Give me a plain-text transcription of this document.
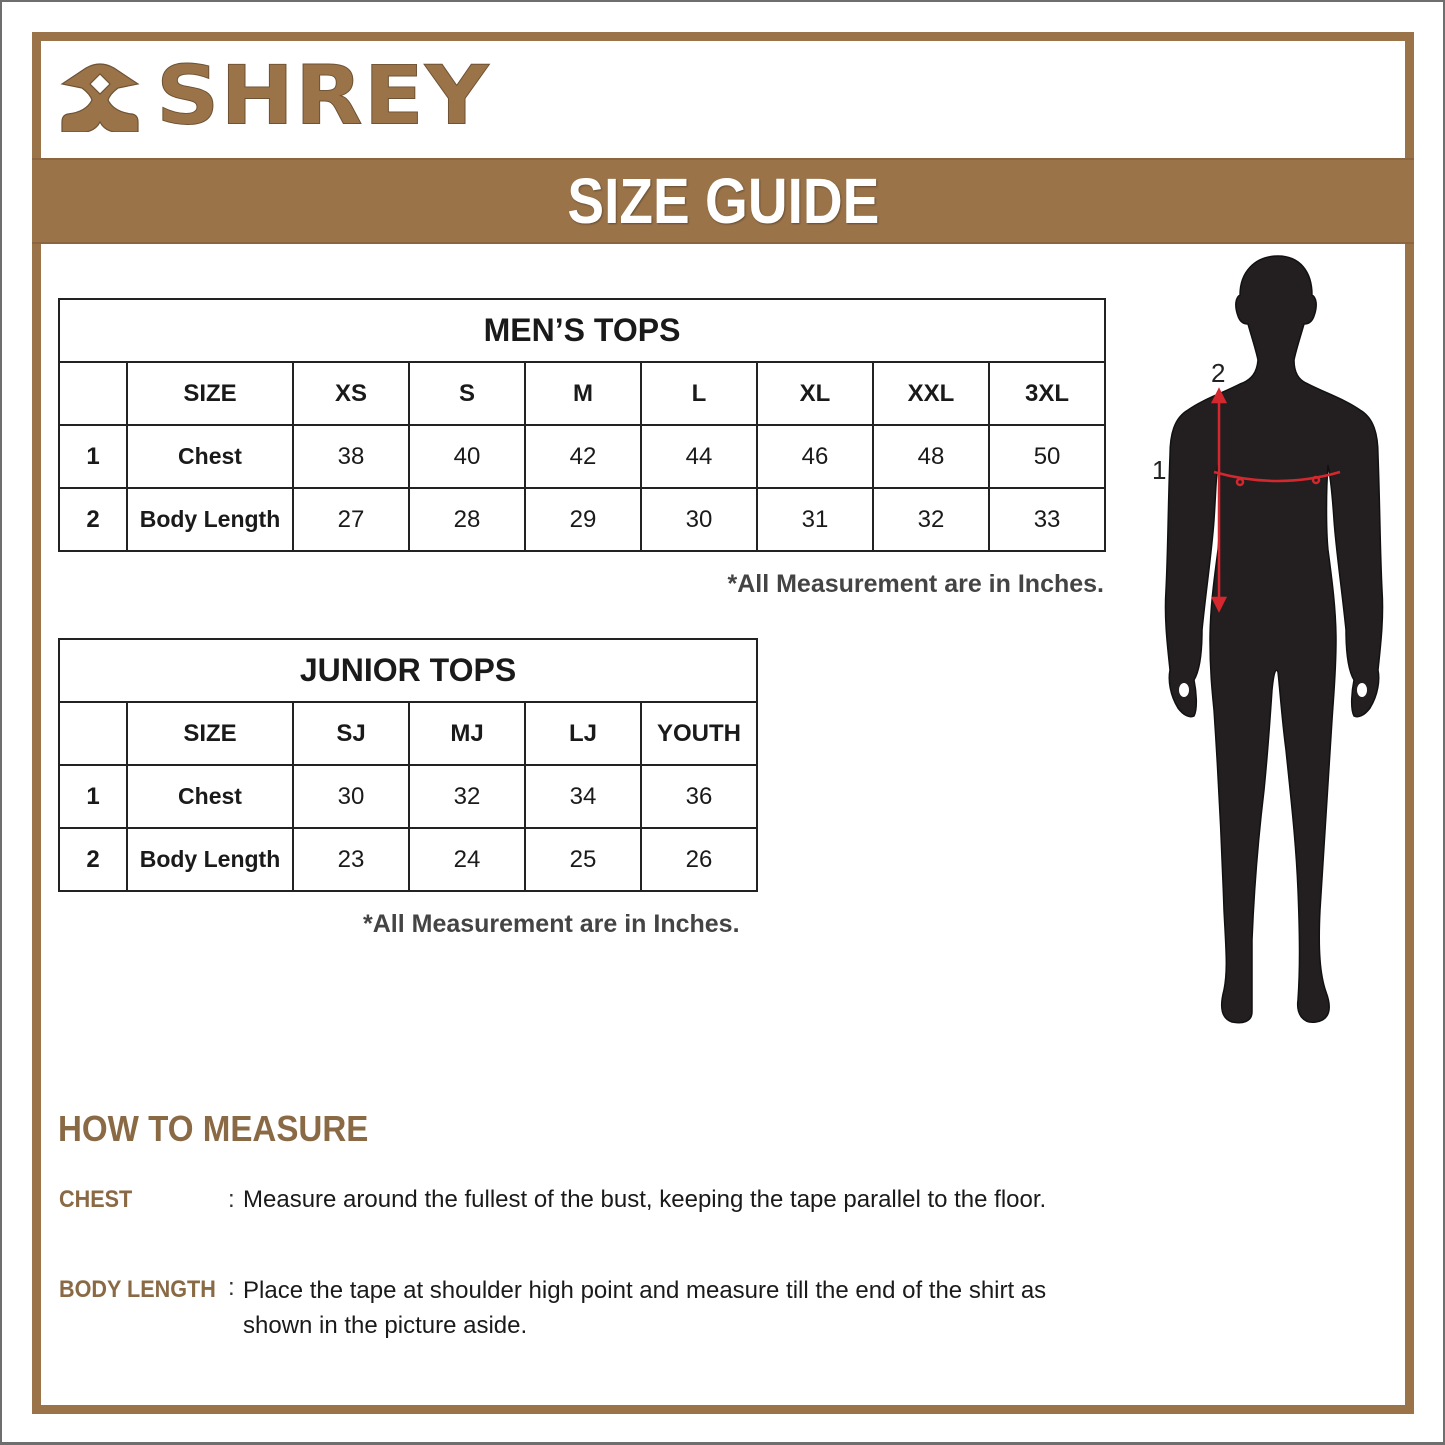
SHREY
SIZE GUIDE
MEN’S TOPS								
	SIZE	XS	S	M	L	XL	XXL	3XL
1	Chest	38	40	42	44	46	48	50
2	Body Length	27	28	29	30	31	32	33
*All Measurement are in Inches.
JUNIOR TOPS					
	SIZE	SJ	MJ	LJ	YOUTH
1	Chest	30	32	34	36
2	Body Length	23	24	25	26
*All Measurement are in Inches.
1
2
HOW TO MEASURE
CHEST	: Measure around the fullest of the bust, keeping the tape parallel to the floor.
BODY LENGTH : Place the tape at shoulder high point and measure till the end of the shirt as
shown in the picture aside.
